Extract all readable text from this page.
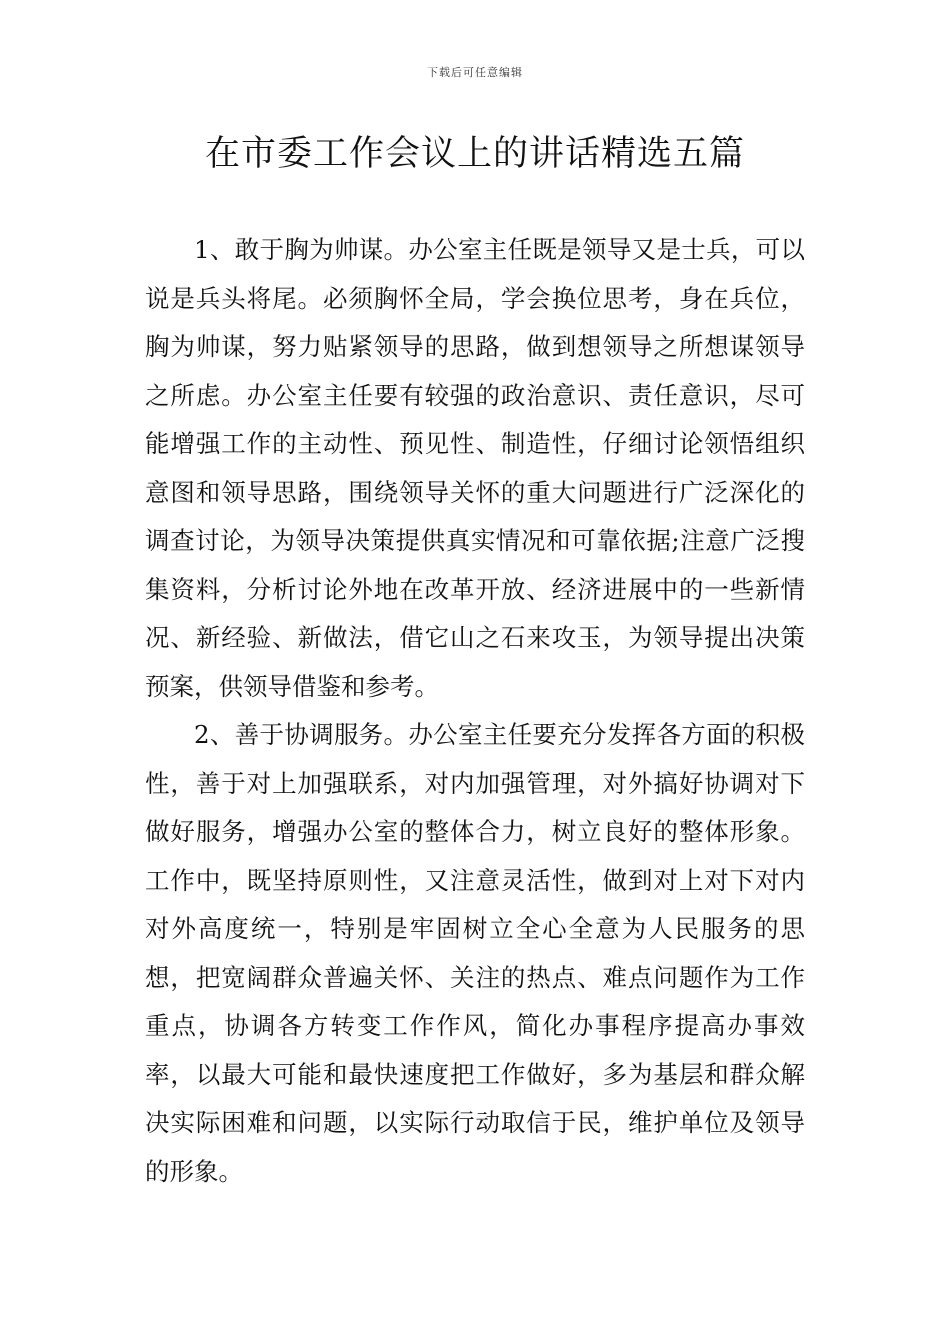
下载后可任意编辑
在市委工作会议上的讲话精选五篇

1、敢于胸为帅谋。办公室主任既是领导又是士兵，可以说是兵头将尾。必须胸怀全局，学会换位思考，身在兵位，胸为帅谋，努力贴紧领导的思路，做到想领导之所想谋领导之所虑。办公室主任要有较强的政治意识、责任意识，尽可能增强工作的主动性、预见性、制造性，仔细讨论领悟组织意图和领导思路，围绕领导关怀的重大问题进行广泛深化的调查讨论，为领导决策提供真实情况和可靠依据;注意广泛搜集资料，分析讨论外地在改革开放、经济进展中的一些新情况、新经验、新做法，借它山之石来攻玉，为领导提出决策预案，供领导借鉴和参考。

2、善于协调服务。办公室主任要充分发挥各方面的积极性，善于对上加强联系，对内加强管理，对外搞好协调对下做好服务，增强办公室的整体合力，树立良好的整体形象。工作中，既坚持原则性，又注意灵活性，做到对上对下对内对外高度统一，特别是牢固树立全心全意为人民服务的思想，把宽阔群众普遍关怀、关注的热点、难点问题作为工作重点，协调各方转变工作作风，简化办事程序提高办事效率，以最大可能和最快速度把工作做好，多为基层和群众解决实际困难和问题，以实际行动取信于民，维护单位及领导的形象。
